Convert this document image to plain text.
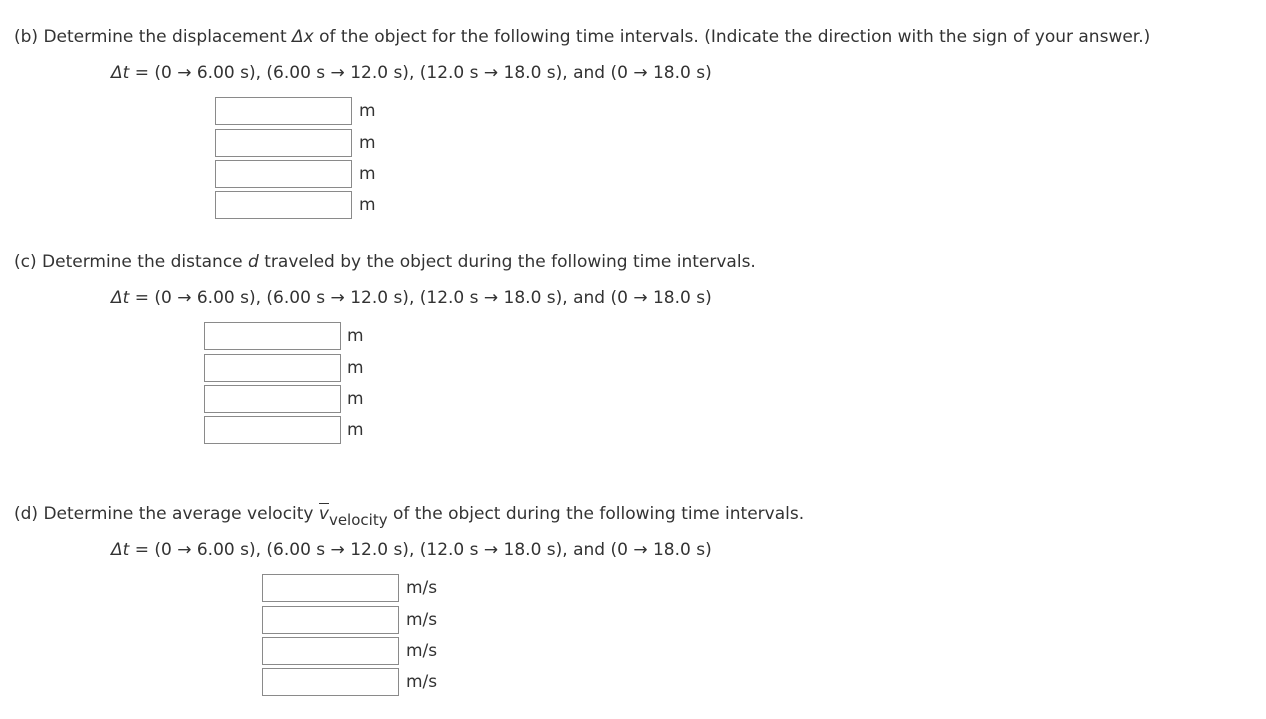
(b) Determine the displacement Δx of the object for the following time intervals. (Indicate the direction with the sign of your answer.)
Δt = (0 → 6.00 s), (6.00 s → 12.0 s), (12.0 s → 18.0 s), and (0 → 18.0 s)
m
m
m
m
(c) Determine the distance d traveled by the object during the following time intervals.
Δt = (0 → 6.00 s), (6.00 s → 12.0 s), (12.0 s → 18.0 s), and (0 → 18.0 s)
m
m
m
m
(d) Determine the average velocity vvelocity of the object during the following time intervals.
Δt = (0 → 6.00 s), (6.00 s → 12.0 s), (12.0 s → 18.0 s), and (0 → 18.0 s)
m/s
m/s
m/s
m/s
